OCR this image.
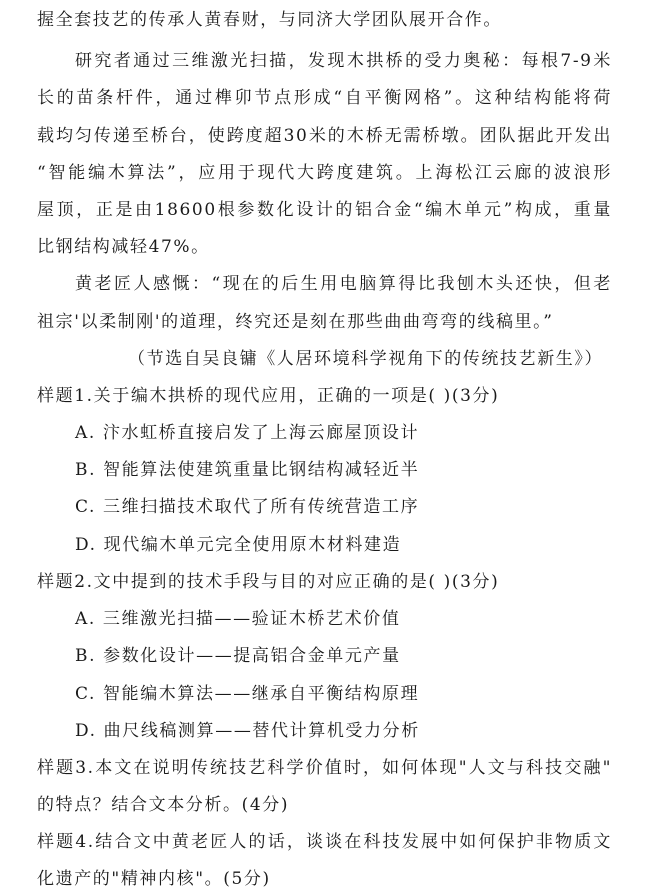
握全套技艺的传承人黄春财，与同济大学团队展开合作。
研究者通过三维激光扫描，发现木拱桥的受力奥秘：每根7-9米
长的苗条杆件，通过榫卯节点形成“自平衡网格”。这种结构能将荷
载均匀传递至桥台，使跨度超30米的木桥无需桥墩。团队据此开发出
“智能编木算法”，应用于现代大跨度建筑。上海松江云廊的波浪形
屋顶，正是由18600根参数化设计的铝合金“编木单元”构成，重量
比钢结构减轻47%。
黄老匠人感慨：“现在的后生用电脑算得比我刨木头还快，但老
祖宗'以柔制刚'的道理，终究还是刻在那些曲曲弯弯的线稿里。”
（节选自吴良镛《人居环境科学视角下的传统技艺新生》）
样题1.关于编木拱桥的现代应用，正确的一项是( )(3分)
A. 汴水虹桥直接启发了上海云廊屋顶设计
B. 智能算法使建筑重量比钢结构减轻近半
C. 三维扫描技术取代了所有传统营造工序
D. 现代编木单元完全使用原木材料建造
样题2.文中提到的技术手段与目的对应正确的是( )(3分)
A. 三维激光扫描——验证木桥艺术价值
B. 参数化设计——提高铝合金单元产量
C. 智能编木算法——继承自平衡结构原理
D. 曲尺线稿测算——替代计算机受力分析
样题3.本文在说明传统技艺科学价值时，如何体现"人文与科技交融"
的特点？结合文本分析。(4分)
样题4.结合文中黄老匠人的话，谈谈在科技发展中如何保护非物质文
化遗产的"精神内核"。(5分)
